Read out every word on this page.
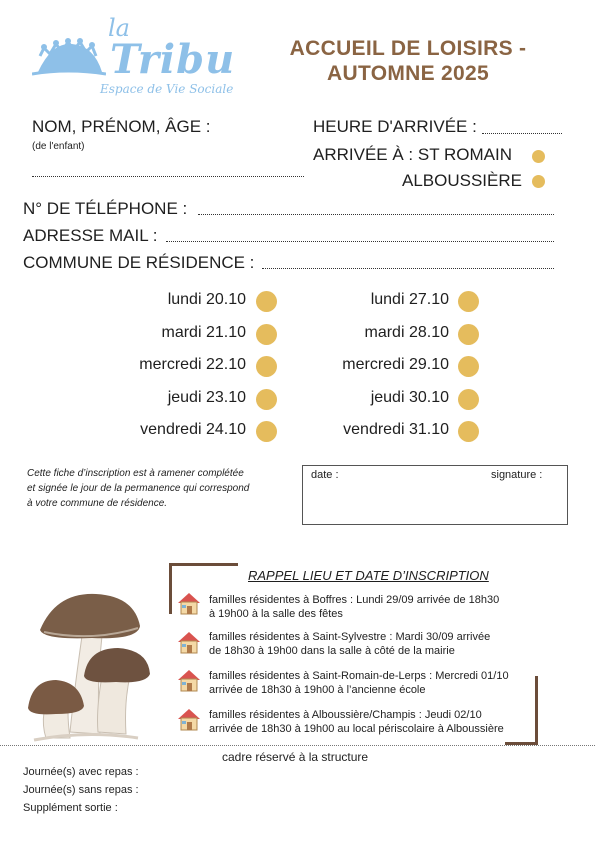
la
Tribu
Espace de Vie Sociale
ACCUEIL DE LOISIRS -
AUTOMNE 2025
NOM, PRÉNOM, ÂGE :
(de l'enfant)
HEURE D'ARRIVÉE :
ARRIVÉE À : ST ROMAIN
ALBOUSSIÈRE
N° DE TÉLÉPHONE :
ADRESSE MAIL :
COMMUNE DE RÉSIDENCE :
lundi 20.10
mardi 21.10
mercredi 22.10
jeudi 23.10
vendredi 24.10
lundi 27.10
mardi 28.10
mercredi 29.10
jeudi 30.10
vendredi 31.10
Cette fiche d’inscription est à ramener complétée
et signée le jour de la permanence qui correspond
à votre commune de résidence.
date :	signature :
RAPPEL LIEU ET DATE D’INSCRIPTION
familles résidentes à Boffres : Lundi 29/09 arrivée de 18h30
à 19h00 à la salle des fêtes
familles résidentes à Saint-Sylvestre : Mardi 30/09 arrivée
de 18h30 à 19h00 dans la salle à côté de la mairie
familles résidentes à Saint-Romain-de-Lerps : Mercredi 01/10
arrivée de 18h30 à 19h00 à l’ancienne école
familles résidentes à Alboussière/Champis : Jeudi 02/10
arrivée de 18h30 à 19h00 au local périscolaire à Alboussière
cadre réservé à la structure
Journée(s) avec repas :
Journée(s) sans repas :
Supplément sortie :
